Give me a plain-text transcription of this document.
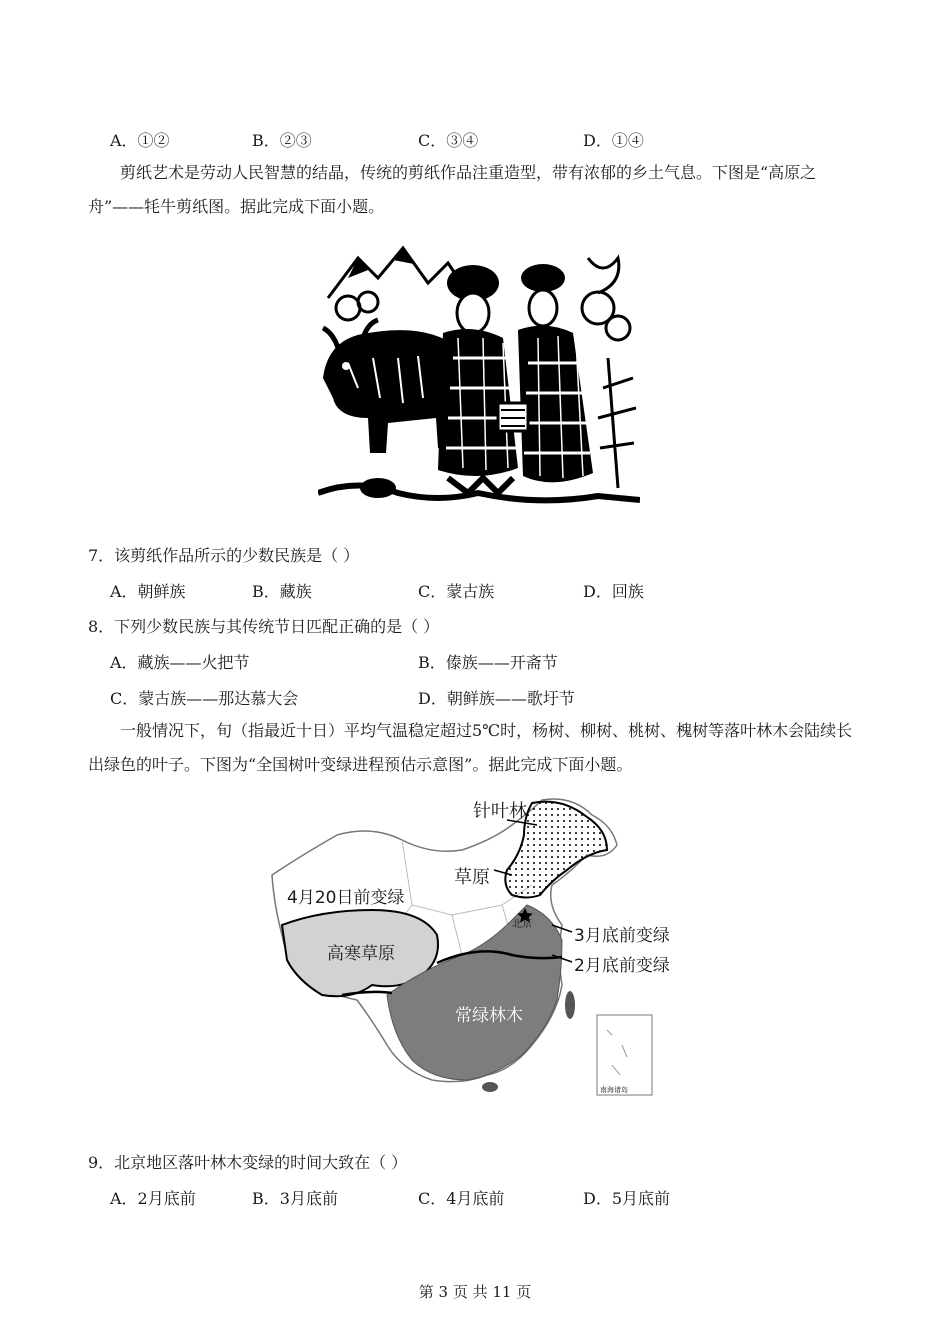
A．①②	B．②③	C．③④	D．①④
剪纸艺术是劳动人民智慧的结晶，传统的剪纸作品注重造型，带有浓郁的乡土气息。下图是“高原之舟”——牦牛剪纸图。据此完成下面小题。
7．该剪纸作品所示的少数民族是（ ）
A．朝鲜族	B．藏族	C．蒙古族	D．回族
8．下列少数民族与其传统节日匹配正确的是（ ）
A．藏族——火把节	B．傣族——开斋节
C．蒙古族——那达慕大会	D．朝鲜族——歌圩节
一般情况下，旬（指最近十日）平均气温稳定超过5℃时，杨树、柳树、桃树、槐树等落叶林木会陆续长出绿色的叶子。下图为“全国树叶变绿进程预估示意图”。据此完成下面小题。
针叶林
草原
4月20日前变绿
高寒草原
北京
3月底前变绿
2月底前变绿
常绿林木
南海诸岛
9．北京地区落叶林木变绿的时间大致在（ ）
A．2月底前	B．3月底前	C．4月底前	D．5月底前
第 3 页 共 11 页
